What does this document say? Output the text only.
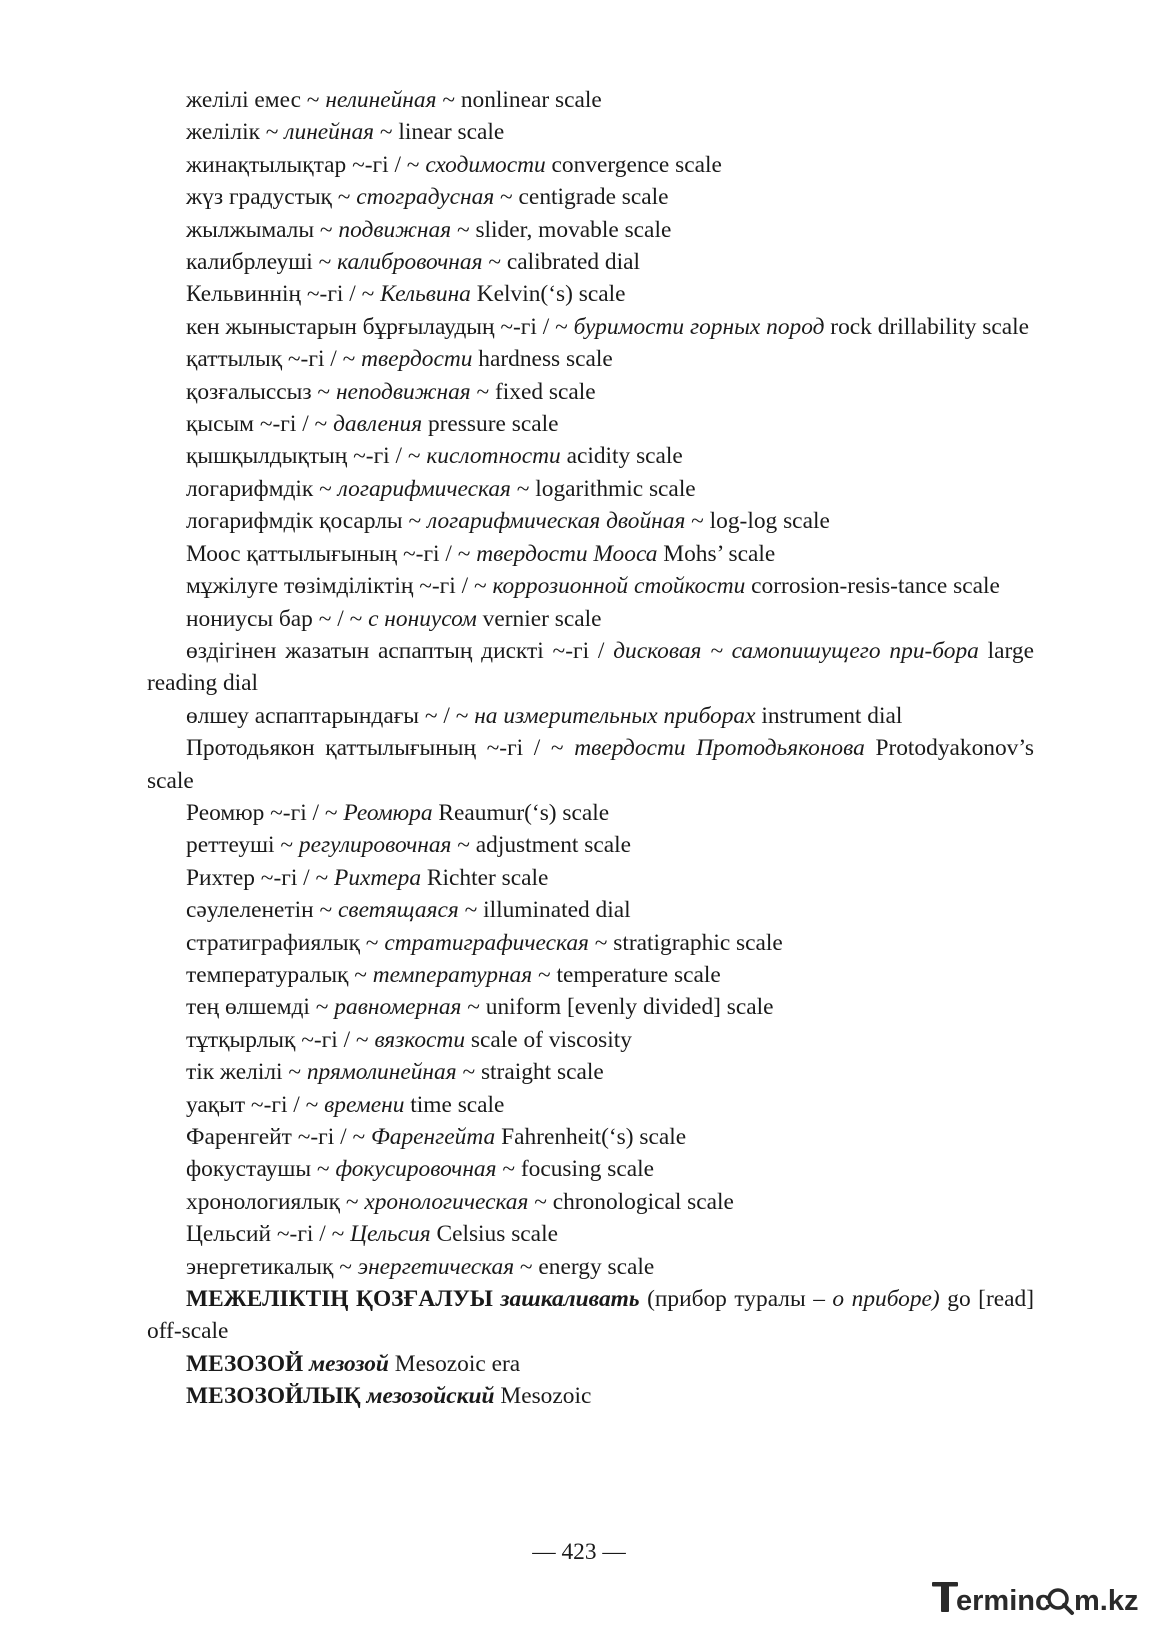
желілі емес ~ нелинейная ~ nonlinear scale
желілік ~ линейная ~ linear scale
жинақтылықтар ~-гі / ~ сходимости convergence scale
жүз градустық ~ стоградусная ~ centigrade scale
жылжымалы ~ подвижная ~ slider, movable scale
калибрлеуші ~ калибровочная ~ calibrated dial
Кельвиннің ~-гі / ~ Кельвина Kelvin(‘s) scale
кен жыныстарын бұрғылаудың ~-гі / ~ буримости горных пород rock drillability scale
қаттылық ~-гі / ~ твердости hardness scale
қозғалыссыз ~ неподвижная ~ fixed scale
қысым ~-гі / ~ давления pressure scale
қышқылдықтың ~-гі / ~ кислотности acidity scale
логарифмдік ~ логарифмическая ~ logarithmic scale
логарифмдік қосарлы ~ логарифмическая двойная ~ log-log scale
Моос қаттылығының ~-гі / ~ твердости Мооса Mohs’ scale
мұжілуге төзімділіктің ~-гі / ~ коррозионной стойкости corrosion-resis-tance scale
нониусы бар ~ / ~ с нониусом vernier scale
өздігінен жазатын аспаптың дискті ~-гі / дисковая ~ самопишущего при-бора large reading dial
өлшеу аспаптарындағы ~ / ~ на измерительных приборах instrument dial
Протодьякон қаттылығының ~-гі / ~ твердости Протодьяконова Protodyakonov’s scale
Реомюр ~-гі / ~ Реомюра Reaumur(‘s) scale
реттеуші ~ регулировочная ~ adjustment scale
Рихтер ~-гі / ~ Рихтера Richter scale
сәулеленетін ~ светящаяся ~ illuminated dial
стратиграфиялық ~ стратиграфическая ~ stratigraphic scale
температуралық ~ температурная ~ temperature scale
тең өлшемді ~ равномерная ~ uniform [evenly divided] scale
тұтқырлық ~-гі / ~ вязкости scale of viscosity
тік желілі ~ прямолинейная ~ straight scale
уақыт ~-гі / ~ времени time scale
Фаренгейт ~-гі / ~ Фаренгейта Fahrenheit(‘s) scale
фокустаушы ~ фокусировочная ~ focusing scale
хронологиялық ~ хронологическая ~ chronological scale
Цельсий ~-гі / ~ Цельсия Celsius scale
энергетикалық ~ энергетическая ~ energy scale
МЕЖЕЛІКТІҢ ҚОЗҒАЛУЫ зашкаливать (прибор туралы – о приборе) go [read] off-scale
МЕЗОЗОЙ мезозой Mesozoic era
МЕЗОЗОЙЛЫҚ мезозойский Mesozoic
— 423 —
erminc m.kz
